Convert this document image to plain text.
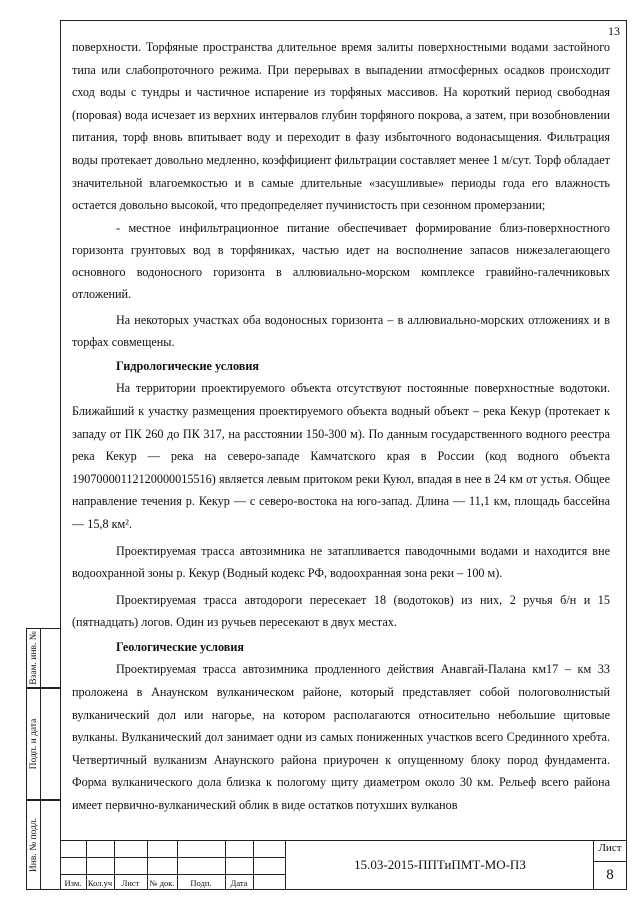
13

поверхности. Торфяные пространства длительное время залиты поверхностными водами застойного типа или слабопроточного режима. При перерывах в выпадении атмосферных осадков происходит сход воды с тундры и частичное испарение из торфяных массивов. На короткий период свободная (поровая) вода исчезает из верхних интервалов глубин торфяного покрова, а затем, при возобновлении питания, торф вновь впитывает воду и переходит в фазу избыточного водонасыщения. Фильтрация воды протекает довольно медленно, коэффициент фильтрации составляет менее 1 м/сут. Торф обладает значительной влагоемкостью и в самые длительные «засушливые» периоды года его влажность остается довольно высокой, что предопределяет пучинистость при сезонном промерзании;

- местное инфильтрационное питание обеспечивает формирование близ-поверхностного горизонта грунтовых вод в торфяниках, частью идет на восполнение запасов нижезалегающего основного водоносного горизонта в аллювиально-морском комплексе гравийно-галечниковых отложений.

На некоторых участках оба водоносных горизонта – в аллювиально-морских отложениях и в торфах совмещены.

Гидрологические условия

На территории проектируемого объекта отсутствуют постоянные поверхностные водотоки. Ближайший к участку размещения проектируемого объекта водный объект – река Кекур (протекает к западу от ПК 260 до ПК 317, на расстоянии 150-300 м). По данным государственного водного реестра река Кекур — река на северо-западе Камчатского края в России (код водного объекта 19070000112120000015516) является левым притоком реки Куюл, впадая в нее в 24 км от устья. Общее направление течения р. Кекур — с северо-востока на юго-запад. Длина — 11,1 км, площадь бассейна — 15,8 км².

Проектируемая трасса автозимника не затапливается паводочными водами и находится вне водоохранной зоны р. Кекур (Водный кодекс РФ, водоохранная зона реки – 100 м).

Проектируемая трасса автодороги пересекает 18 (водотоков) из них, 2 ручья б/н и 15 (пятнадцать) логов. Один из ручьев пересекают в двух местах.

Геологические условия

Проектируемая трасса автозимника продленного действия Анавгай-Палана км17 – км 33 проложена в Анаунском вулканическом районе, который представляет собой пологоволнистый вулканический дол или нагорье, на котором располагаются относительно небольшие щитовые вулканы. Вулканический дол занимает одни из самых пониженных участков всего Срединного хребта. Четвертичный вулканизм Анаунского района приурочен к опущенному блоку пород фундамента. Форма вулканического дола близка к пологому щиту диаметром около 30 км. Рельеф всего района имеет первично-вулканический облик в виде остатков потухших вулканов

Взам. инв. №
Подп. и дата
Инв. № подл.
Изм. Кол.уч	Лист	№ док.	Подп.	Дата
15.03-2015-ППТиПМТ-МО-ПЗ
Лист
8
